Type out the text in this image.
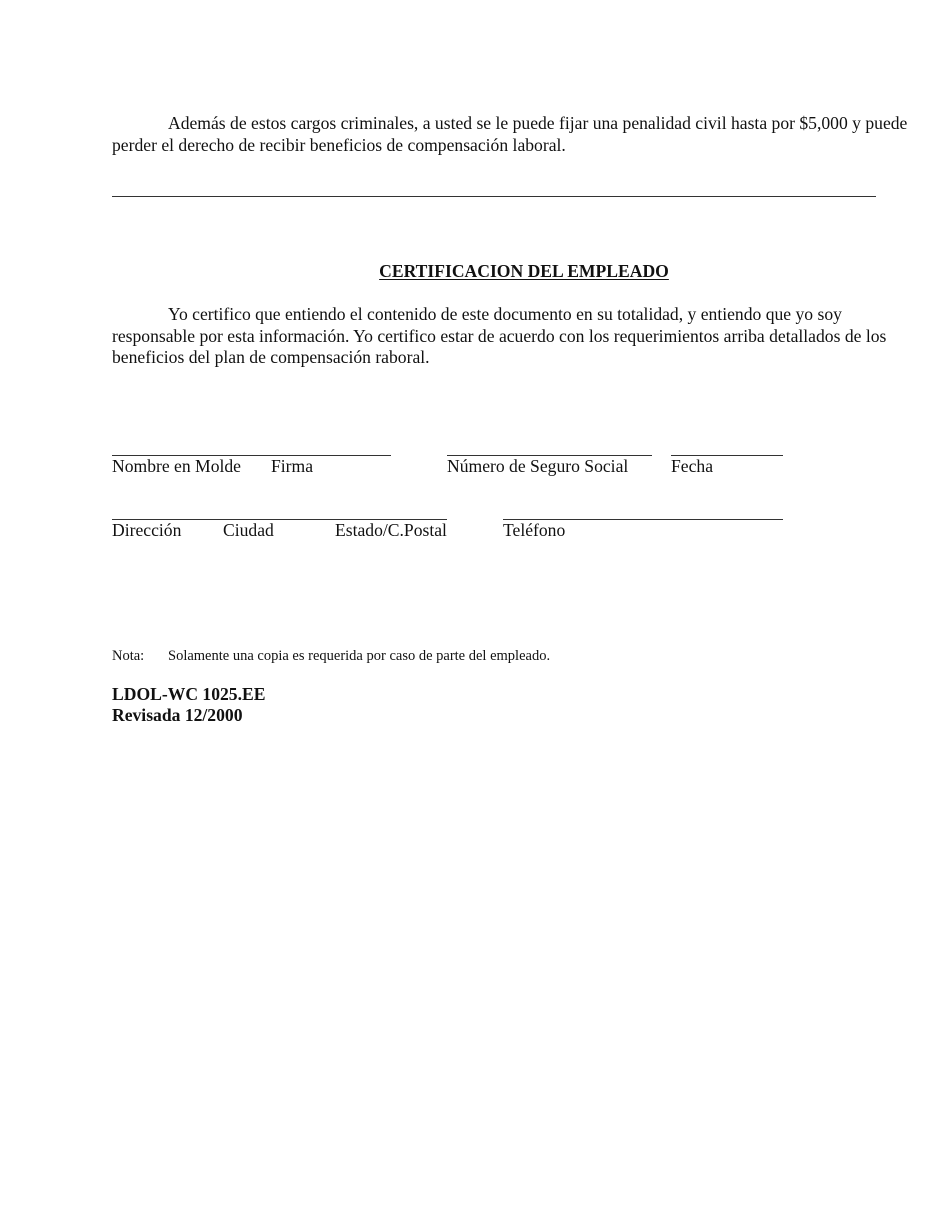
Además de estos cargos criminales, a usted se le puede fijar una penalidad civil hasta por $5,000 y puede perder el derecho de recibir beneficios de compensación laboral.

CERTIFICACION DEL EMPLEADO

Yo certifico que entiendo el contenido de este documento en su totalidad, y entiendo que yo soy responsable por esta información. Yo certifico estar de acuerdo con los requerimientos arriba detallados de los beneficios del plan de compensación raboral.

Nombre en Molde Firma	Número de Seguro Social Fecha
Dirección Ciudad	Estado/C.Postal	Teléfono
Nota: Solamente una copia es requerida por caso de parte del empleado.
LDOL-WC 1025.EE
Revisada 12/2000
